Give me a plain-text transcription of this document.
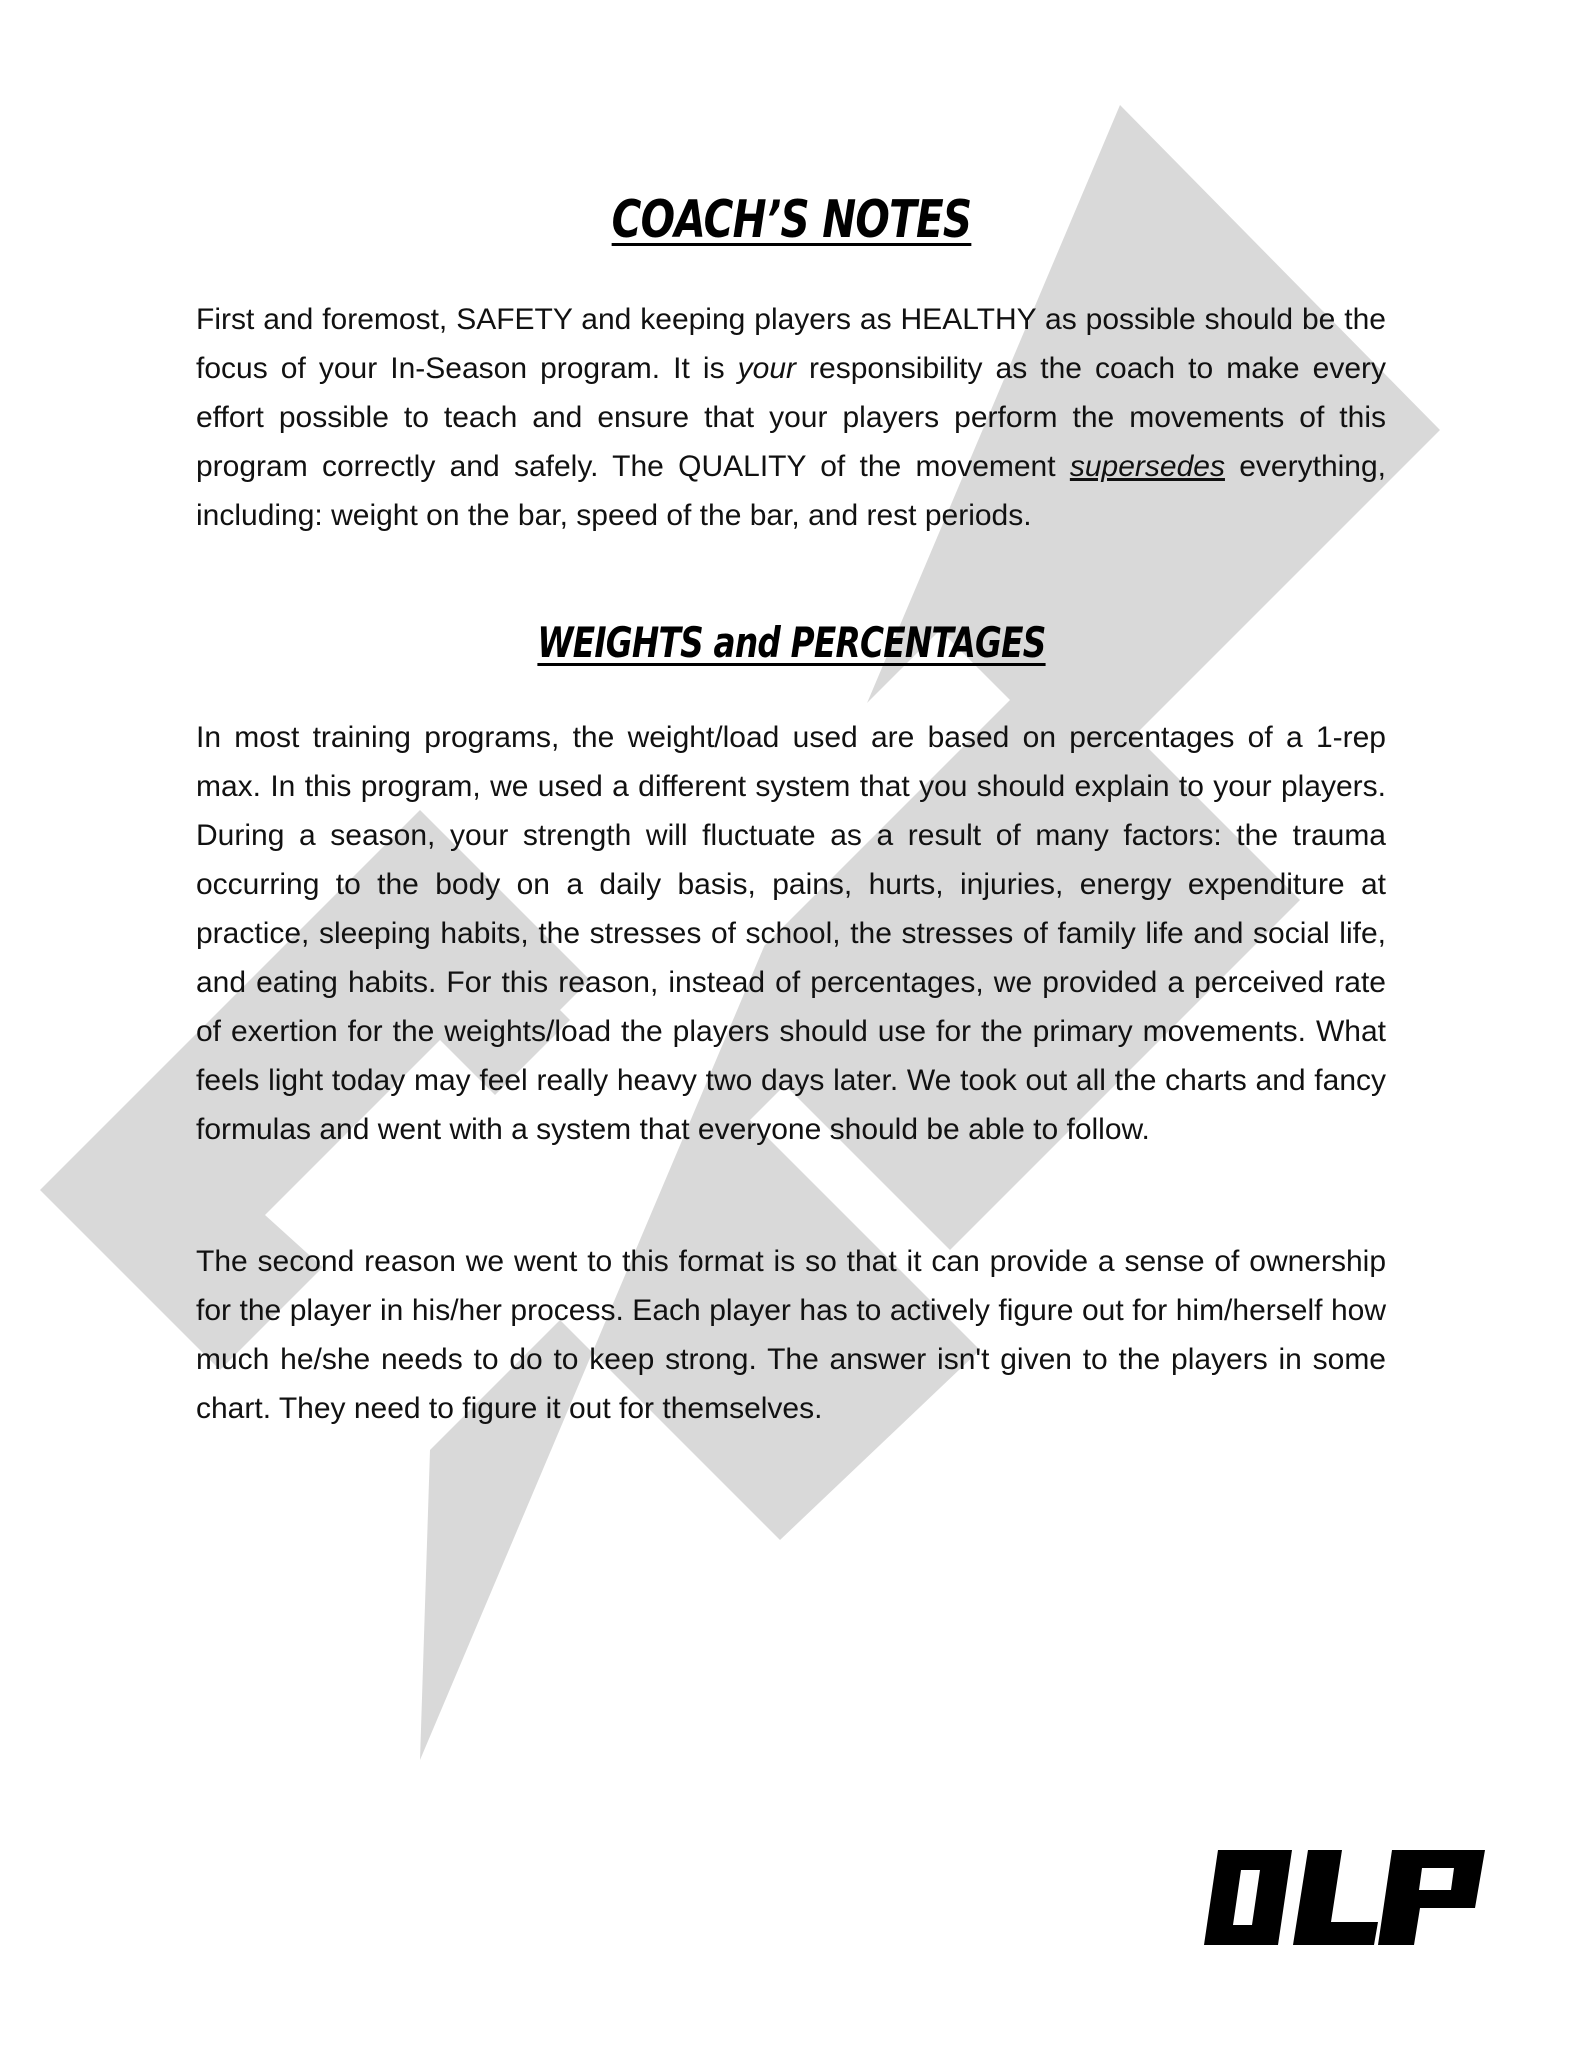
COACH’S NOTES

First and foremost, SAFETY and keeping players as HEALTHY as possible should be the focus of your In-Season program. It is your responsibility as the coach to make every effort possible to teach and ensure that your players perform the movements of this program correctly and safely. The QUALITY of the movement supersedes everything, including: weight on the bar, speed of the bar, and rest periods.

WEIGHTS and PERCENTAGES

In most training programs, the weight/load used are based on percentages of a 1-rep max. In this program, we used a different system that you should explain to your players. During a season, your strength will fluctuate as a result of many factors: the trauma occurring to the body on a daily basis, pains, hurts, injuries, energy expenditure at practice, sleeping habits, the stresses of school, the stresses of family life and social life, and eating habits. For this reason, instead of percentages, we provided a perceived rate of exertion for the weights/load the players should use for the primary movements. What feels light today may feel really heavy two days later. We took out all the charts and fancy formulas and went with a system that everyone should be able to follow.

The second reason we went to this format is so that it can provide a sense of ownership for the player in his/her process. Each player has to actively figure out for him/herself how much he/she needs to do to keep strong. The answer isn't given to the players in some chart. They need to figure it out for themselves.
